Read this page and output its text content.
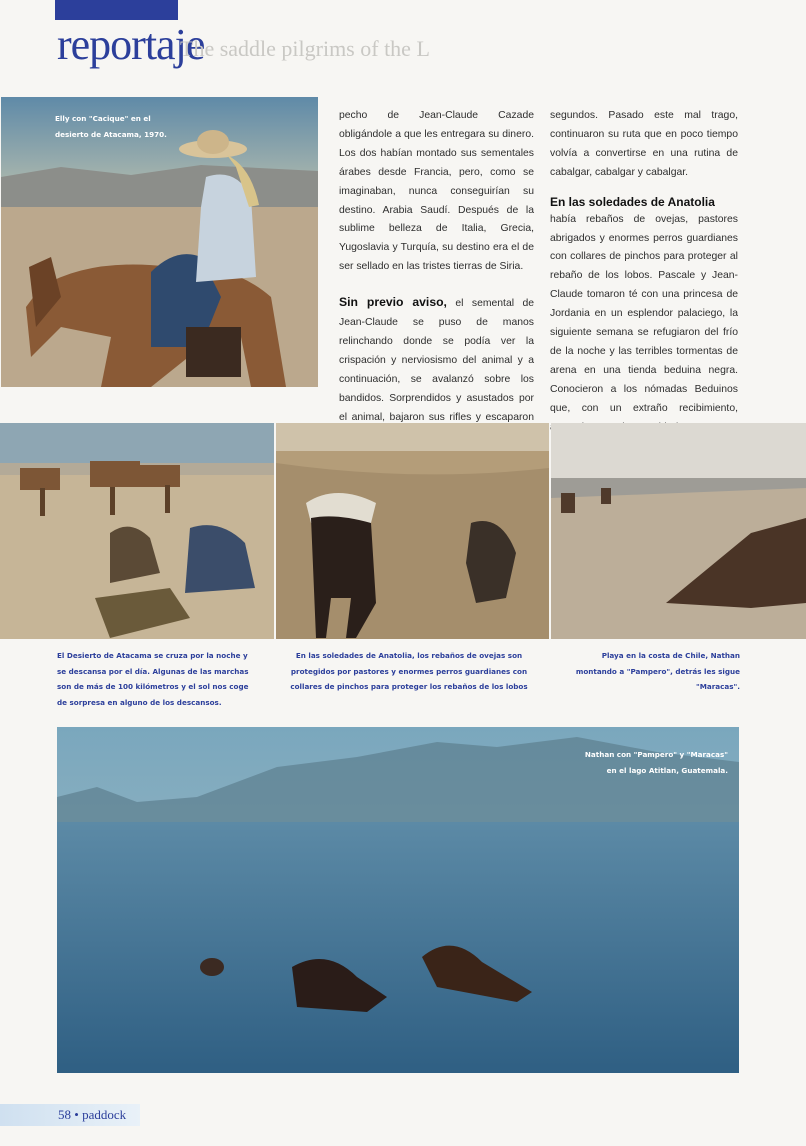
reportaje
The saddle pilgrims of the L
Elly con "Cacique" en el desierto de Atacama, 1970.

pecho de Jean-Claude Cazade obligándole a que les entregara su dinero. Los dos habían montado sus sementales árabes desde Francia, pero, como se imaginaban, nunca conseguirían su destino. Arabia Saudí. Después de la sublime belleza de Italia, Grecia, Yugoslavia y Turquía, su destino era el de ser sellado en las tristes tierras de Siria.

Sin previo aviso, el semental de Jean-Claude se puso de manos relinchando donde se podía ver la crispación y nerviosismo del animal y a continuación, se avalanzó sobre los bandidos. Sorprendidos y asustados por el animal, bajaron sus rifles y escaparon

segundos. Pasado este mal trago, continuaron su ruta que en poco tiempo volvía a convertirse en una rutina de cabalgar, cabalgar y cabalgar.

En las soledades de Anatolia

había rebaños de ovejas, pastores abrigados y enormes perros guardianes con collares de pinchos para proteger al rebaño de los lobos. Pascale y Jean-Claude tomaron té con una princesa de Jordania en un esplendor palaciego, la siguiente semana se refugiaron del frío de la noche y las terribles tormentas de arena en una tienda beduina negra. Conocieron a los nómadas Beduinos que, con un extraño recibimiento,

El Desierto de Atacama se cruza por la noche y se descansa por el día. Algunas de las marchas son de más de 100 kilómetros y el sol nos coge de sorpresa en alguno de los descansos.
En las soledades de Anatolia, los rebaños de ovejas son protegidos por pastores y enormes perros guardianes con collares de pinchos para proteger los rebaños de los lobos
Playa en la costa de Chile, Nathan montando a "Pampero", detrás les sigue "Maracas".
Nathan con "Pampero" y "Maracas"
en el lago Atitlan, Guatemala.
58 • paddock
